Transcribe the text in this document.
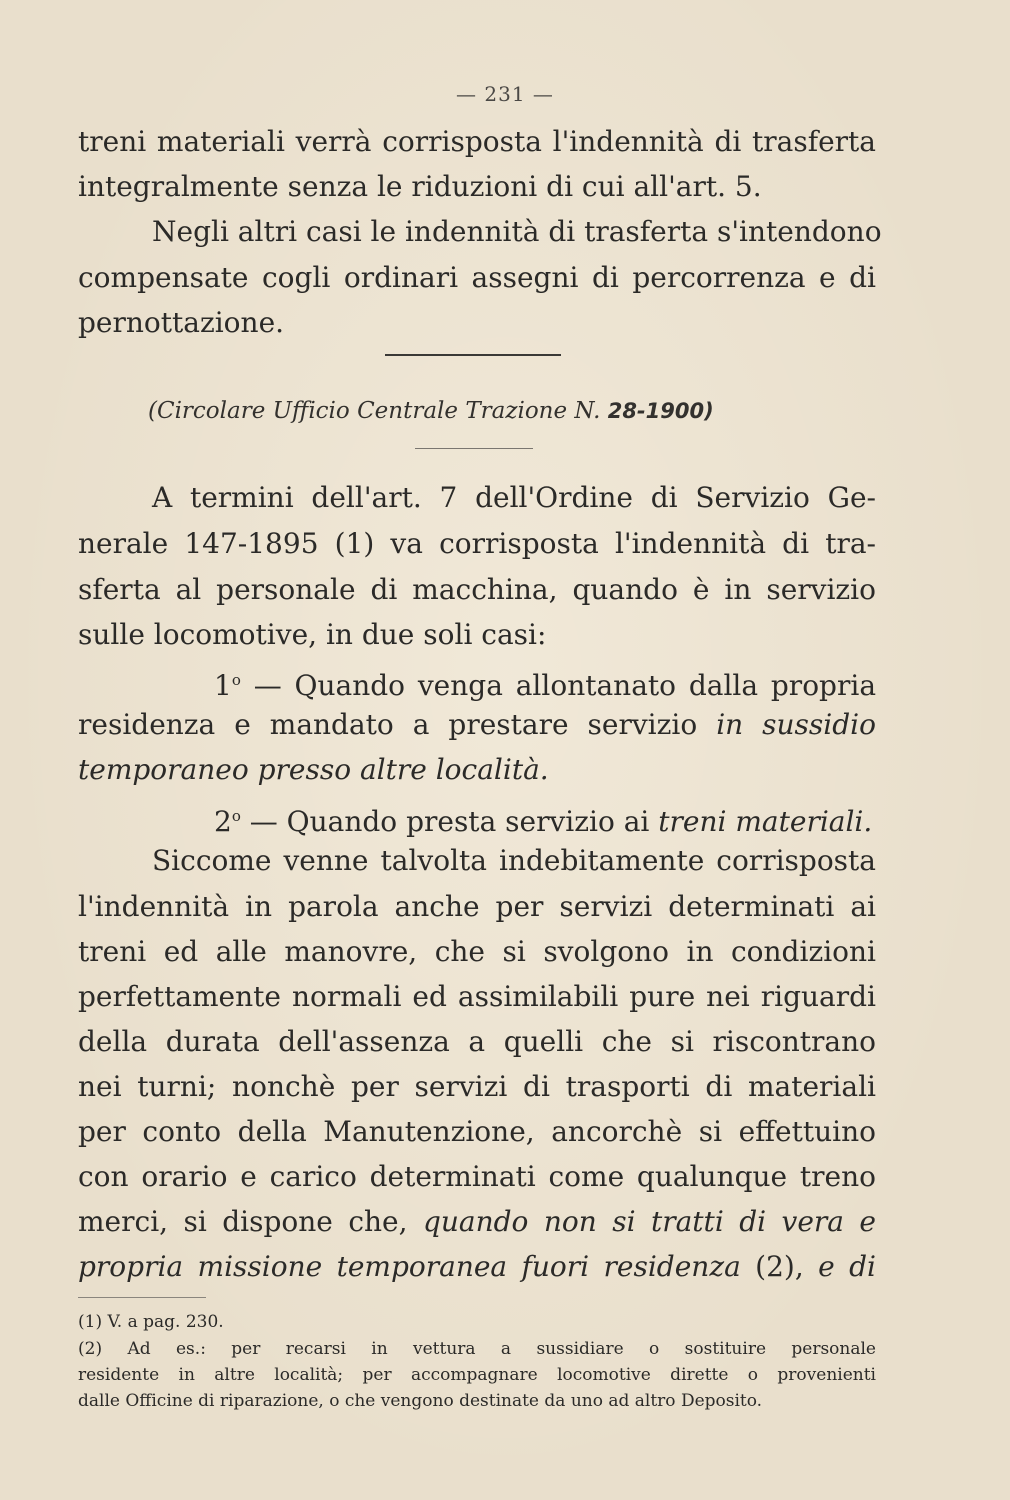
— 231 —
treni materiali verrà corrisposta l'indennità di trasferta
integralmente senza le riduzioni di cui all'art. 5.
Negli altri casi le indennità di trasferta s'intendono
compensate cogli ordinari assegni di percorrenza e di
pernottazione.
(Circolare Ufficio Centrale Trazione N. 28-1900)
A termini dell'art. 7 dell'Ordine di Servizio Ge-
nerale 147-1895 (1) va corrisposta l'indennità di tra-
sferta al personale di macchina, quando è in servizio
sulle locomotive, in due soli casi:
1$^o$ — Quando venga allontanato dalla propria
residenza e mandato a prestare servizio in sussidio
temporaneo presso altre località.
2$^o$ — Quando presta servizio ai treni materiali.
Siccome venne talvolta indebitamente corrisposta
l'indennità in parola anche per servizi determinati ai
treni ed alle manovre, che si svolgono in condizioni
perfettamente normali ed assimilabili pure nei riguardi
della durata dell'assenza a quelli che si riscontrano
nei turni; nonchè per servizi di trasporti di materiali
per conto della Manutenzione, ancorchè si effettuino
con orario e carico determinati come qualunque treno
merci, si dispone che, quando non si tratti di vera e
propria missione temporanea fuori residenza (2), e di
(1) V. a pag. 230.
(2) Ad es.: per recarsi in vettura a sussidiare o sostituire personale
residente in altre località; per accompagnare locomotive dirette o provenienti
dalle Officine di riparazione, o che vengono destinate da uno ad altro Deposito.
